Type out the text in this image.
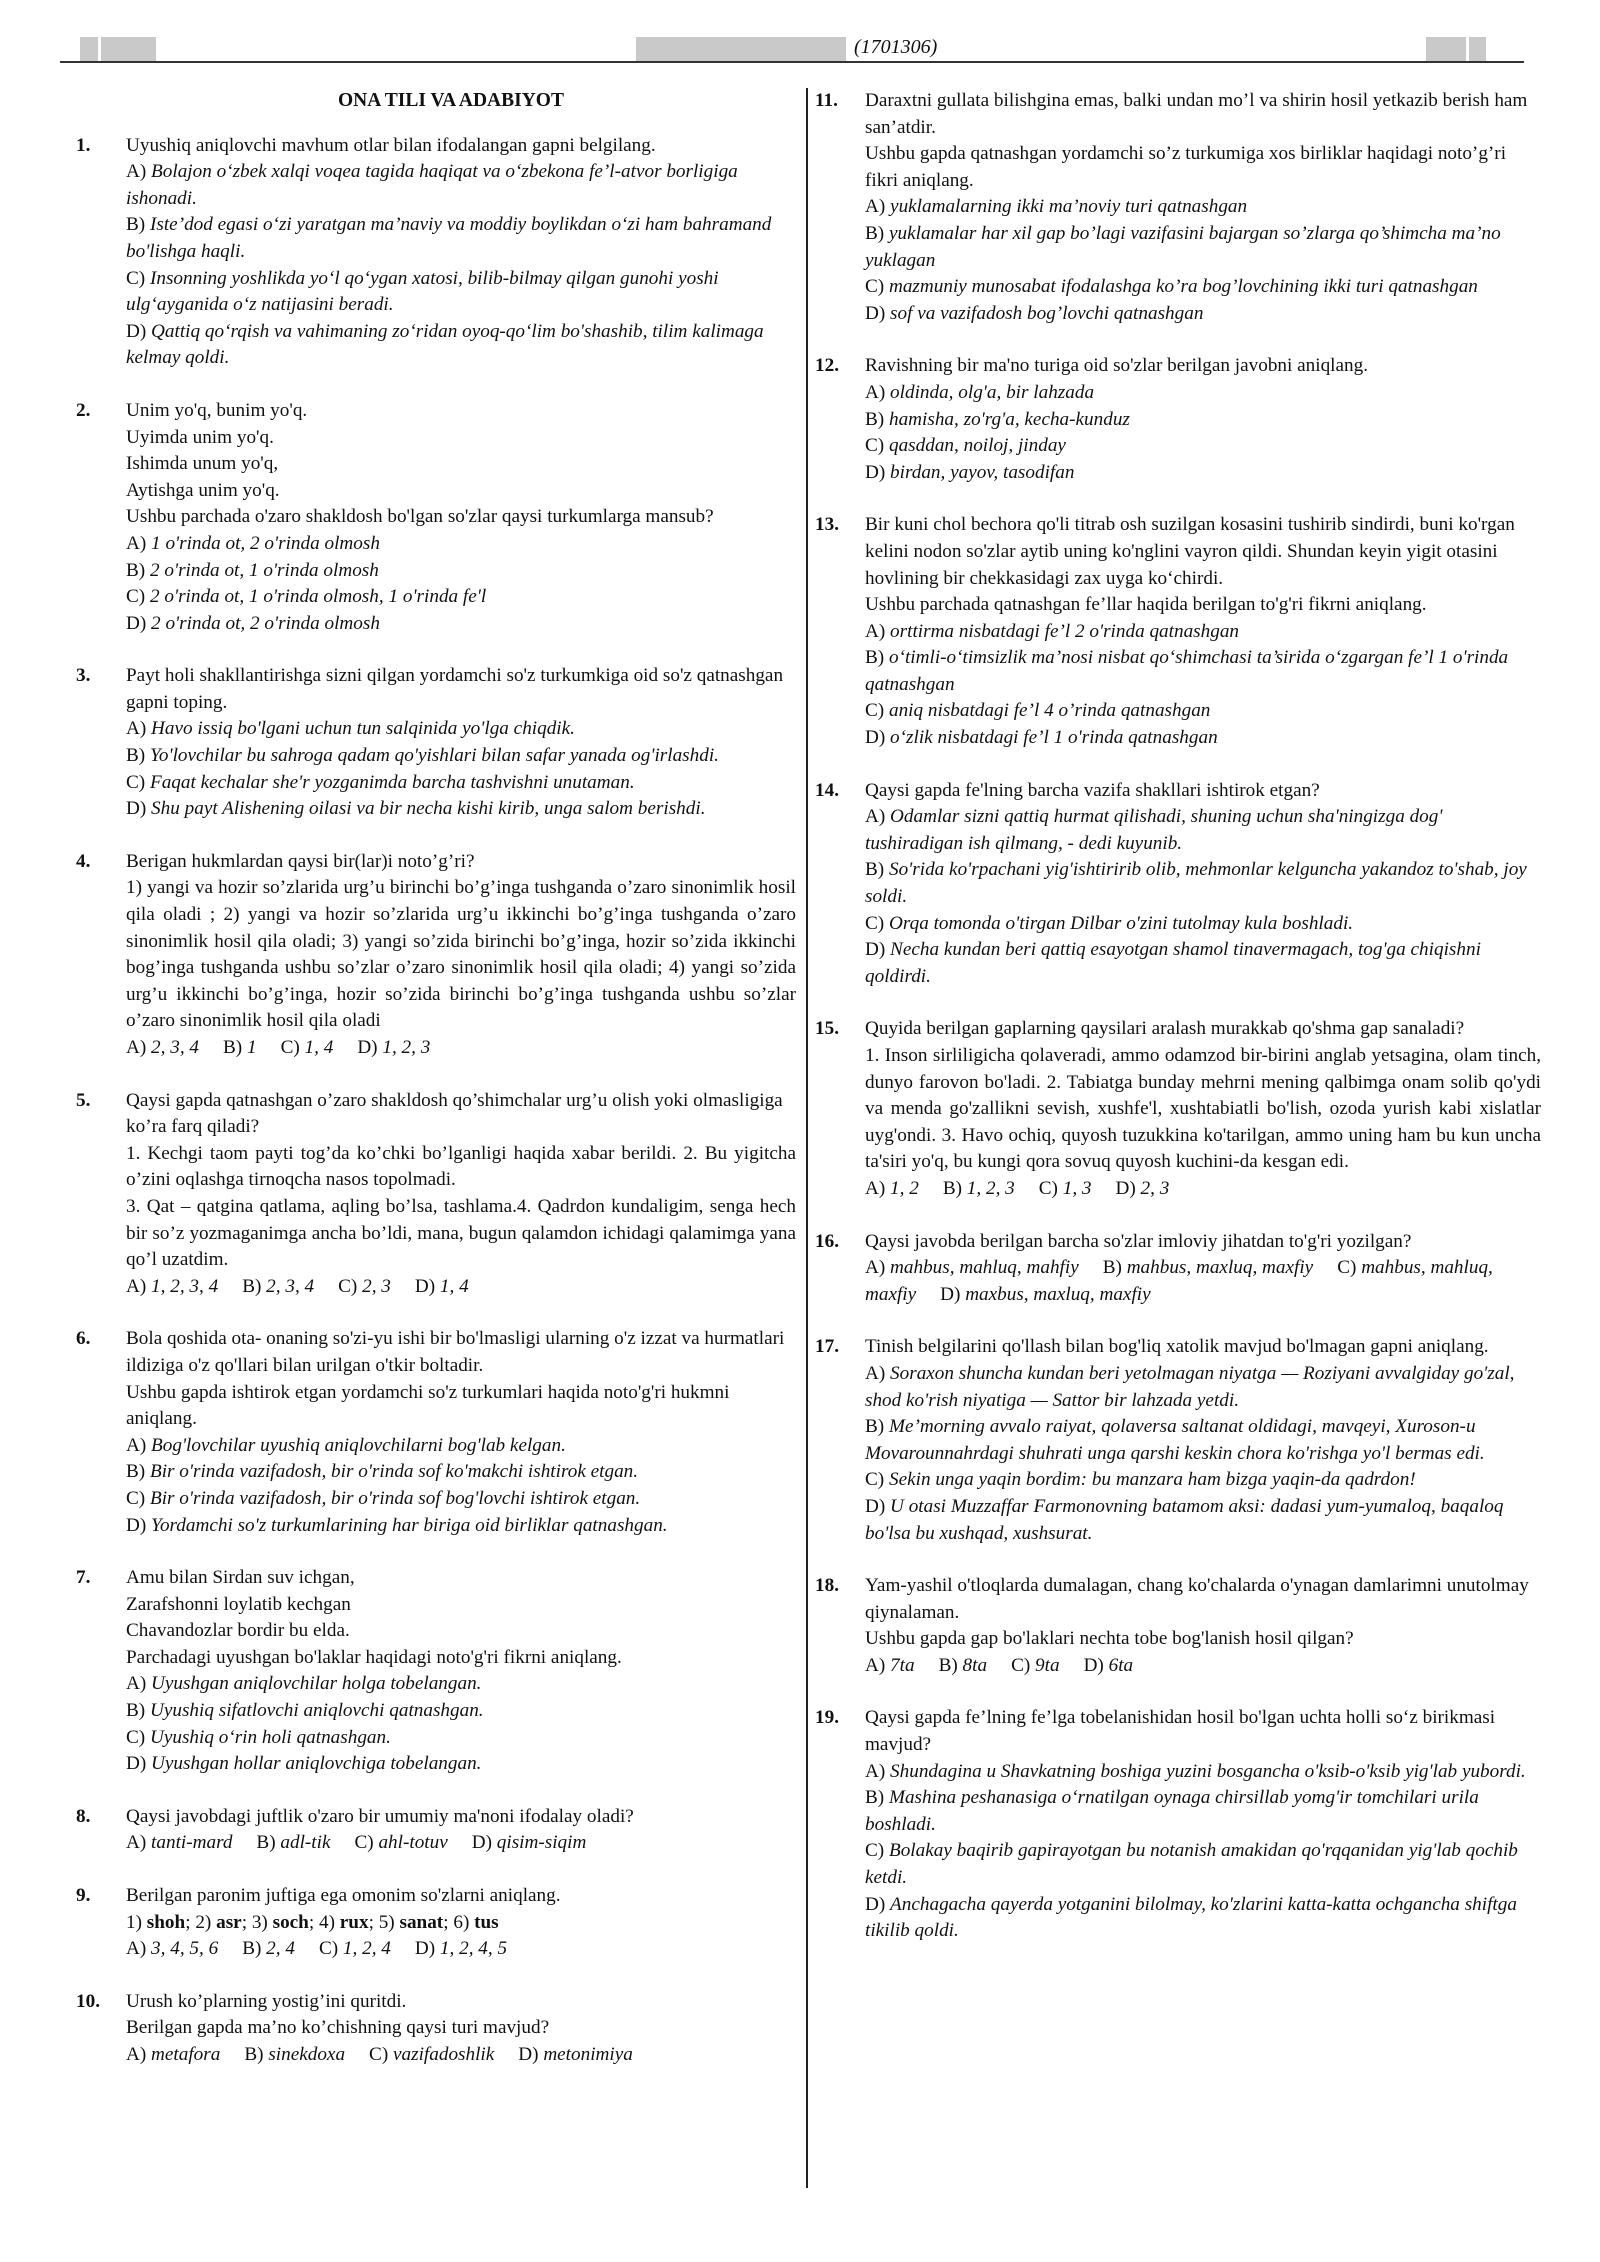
(1701306)
ONA TILI VA ADABIYOT
1. Uyushiq aniqlovchi mavhum otlar bilan ifodalangan gapni belgilang.
A) Bolajon o‘zbek xalqi voqea tagida haqiqat va o‘zbekona fe’l-atvor borligiga ishonadi.
B) Iste’dod egasi o‘zi yaratgan ma’naviy va moddiy boylikdan o‘zi ham bahramand bo'lishga haqli.
C) Insonning yoshlikda yo‘l qo‘ygan xatosi, bilib-bilmay qilgan gunohi yoshi ulg‘ayganida o‘z natijasini beradi.
D) Qattiq qo‘rqish va vahimaning zo‘ridan oyoq-qo‘lim bo'shashib, tilim kalimaga kelmay qoldi.
2. Unim yo'q, bunim yo'q.
Uyimda unim yo'q.
Ishimda unum yo'q,
Aytishga unim yo'q.
Ushbu parchada o'zaro shakldosh bo'lgan so'zlar qaysi turkumlarga mansub?
A) 1 o'rinda ot, 2 o'rinda olmosh
B) 2 o'rinda ot, 1 o'rinda olmosh
C) 2 o'rinda ot, 1 o'rinda olmosh, 1 o'rinda fe'l
D) 2 o'rinda ot, 2 o'rinda olmosh
3. Payt holi shakllantirishga sizni qilgan yordamchi so'z turkumkiga oid so'z qatnashgan gapni toping.
A) Havo issiq bo'lgani uchun tun salqinida yo'lga chiqdik.
B) Yo'lovchilar bu sahroga qadam qo'yishlari bilan safar yanada og'irlashdi.
C) Faqat kechalar she'r yozganimda barcha tashvishni unutaman.
D) Shu payt Alishening oilasi va bir necha kishi kirib, unga salom berishdi.
4. Berigan hukmlardan qaysi bir(lar)i noto’g’ri?
1) yangi va hozir so’zlarida urg’u birinchi bo’g’inga tushganda o’zaro sinonimlik hosil qila oladi ; 2) yangi va hozir so’zlarida urg’u ikkinchi bo’g’inga tushganda o’zaro sinonimlik hosil qila oladi; 3) yangi so’zida birinchi bo’g’inga, hozir so’zida ikkinchi bog’inga tushganda ushbu so’zlar o’zaro sinonimlik hosil qila oladi; 4) yangi so’zida urg’u ikkinchi bo’g’inga, hozir so’zida birinchi bo’g’inga tushganda ushbu so’zlar o’zaro sinonimlik hosil qila oladi
A) 2, 3, 4  B) 1  C) 1, 4  D) 1, 2, 3
5. Qaysi gapda qatnashgan o’zaro shakldosh qo’shimchalar urg’u olish yoki olmasligiga ko’ra farq qiladi?
1. Kechgi taom payti tog’da ko’chki bo’lganligi haqida xabar berildi. 2. Bu yigitcha o’zini oqlashga tirnoqcha nasos topolmadi.
3. Qat – qatgina qatlama, aqling bo’lsa, tashlama.4. Qadrdon kundaligim, senga hech bir so’z yozmaganimga ancha bo’ldi, mana, bugun qalamdon ichidagi qalamimga yana qo’l uzatdim.
A) 1, 2, 3, 4  B) 2, 3, 4  C) 2, 3  D) 1, 4
6. Bola qoshida ota- onaning so'zi-yu ishi bir bo'lmasligi ularning o'z izzat va hurmatlari ildiziga o'z qo'llari bilan urilgan o'tkir boltadir.
Ushbu gapda ishtirok etgan yordamchi so'z turkumlari haqida noto'g'ri hukmni aniqlang.
A) Bog'lovchilar uyushiq aniqlovchilarni bog'lab kelgan.
B) Bir o'rinda vazifadosh, bir o'rinda sof ko'makchi ishtirok etgan.
C) Bir o'rinda vazifadosh, bir o'rinda sof bog'lovchi ishtirok etgan.
D) Yordamchi so'z turkumlarining har biriga oid birliklar qatnashgan.
7. Amu bilan Sirdan suv ichgan,
Zarafshonni loylatib kechgan
Chavandozlar bordir bu elda.
Parchadagi uyushgan bo'laklar haqidagi noto'g'ri fikrni aniqlang.
A) Uyushgan aniqlovchilar holga tobelangan.
B) Uyushiq sifatlovchi aniqlovchi qatnashgan.
C) Uyushiq o‘rin holi qatnashgan.
D) Uyushgan hollar aniqlovchiga tobelangan.
8. Qaysi javobdagi juftlik o'zaro bir umumiy ma'noni ifodalay oladi?
A) tanti-mard  B) adl-tik  C) ahl-totuv  D) qisim-siqim
9. Berilgan paronim juftiga ega omonim so'zlarni aniqlang.
1) shoh; 2) asr; 3) soch; 4) rux; 5) sanat; 6) tus
A) 3, 4, 5, 6  B) 2, 4  C) 1, 2, 4  D) 1, 2, 4, 5
10. Urush ko’plarning yostig’ini quritdi.
Berilgan gapda ma’no ko’chishning qaysi turi mavjud?
A) metafora  B) sinekdoxa  C) vazifadoshlik  D) metonimiya
11. Daraxtni gullata bilishgina emas, balki undan mo’l va shirin hosil yetkazib berish ham san’atdir.
Ushbu gapda qatnashgan yordamchi so’z turkumiga xos birliklar haqidagi noto’g’ri fikri aniqlang.
A) yuklamalarning ikki ma’noviy turi qatnashgan
B) yuklamalar har xil gap bo’lagi vazifasini bajargan so’zlarga qo’shimcha ma’no yuklagan
C) mazmuniy munosabat ifodalashga ko’ra bog’lovchining ikki turi qatnashgan
D) sof va vazifadosh bog’lovchi qatnashgan
12. Ravishning bir ma'no turiga oid so'zlar berilgan javobni aniqlang.
A) oldinda, olg'a, bir lahzada
B) hamisha, zo'rg'a, kecha-kunduz
C) qasddan, noiloj, jinday
D) birdan, yayov, tasodifan
13. Bir kuni chol bechora qo'li titrab osh suzilgan kosasini tushirib sindirdi, buni ko'rgan kelini nodon so'zlar aytib uning ko'nglini vayron qildi. Shundan keyin yigit otasini hovlining bir chekkasidagi zax uyga ko‘chirdi.
Ushbu parchada qatnashgan fe’llar haqida berilgan to'g'ri fikrni aniqlang.
A) orttirma nisbatdagi fe’l 2 o'rinda qatnashgan
B) o‘timli-o‘timsizlik ma’nosi nisbat qo‘shimchasi ta’sirida o‘zgargan fe’l 1 o'rinda qatnashgan
C) aniq nisbatdagi fe’l 4 o’rinda qatnashgan
D) o‘zlik nisbatdagi fe’l 1 o'rinda qatnashgan
14. Qaysi gapda fe'lning barcha vazifa shakllari ishtirok etgan?
A) Odamlar sizni qattiq hurmat qilishadi, shuning uchun sha'ningizga dog' tushiradigan ish qilmang, - dedi kuyunib.
B) So'rida ko'rpachani yig'ishtiririb olib, mehmonlar kelguncha yakandoz to'shab, joy soldi.
C) Orqa tomonda o'tirgan Dilbar o'zini tutolmay kula boshladi.
D) Necha kundan beri qattiq esayotgan shamol tinavermagach, tog'ga chiqishni qoldirdi.
15. Quyida berilgan gaplarning qaysilari aralash murakkab qo'shma gap sanaladi?
1. Inson sirliligicha qolaveradi, ammo odamzod bir-birini anglab yetsagina, olam tinch, dunyo farovon bo'ladi. 2. Tabiatga bunday mehrni mening qalbimga onam solib qo'ydi va menda go'zallikni sevish, xushfe'l, xushtabiatli bo'lish, ozoda yurish kabi xislatlar uyg'ondi. 3. Havo ochiq, quyosh tuzukkina ko'tarilgan, ammo uning ham bu kun uncha ta'siri yo'q, bu kungi qora sovuq quyosh kuchini-da kesgan edi.
A) 1, 2  B) 1, 2, 3  C) 1, 3  D) 2, 3
16. Qaysi javobda berilgan barcha so'zlar imloviy jihatdan to'g'ri yozilgan?
A) mahbus, mahluq, mahfiy  B) mahbus, maxluq, maxfiy  C) mahbus, mahluq, maxfiy  D) maxbus, maxluq, maxfiy
17. Tinish belgilarini qo'llash bilan bog'liq xatolik mavjud bo'lmagan gapni aniqlang.
A) Soraxon shuncha kundan beri yetolmagan niyatga — Roziyani avvalgiday go'zal, shod ko'rish niyatiga — Sattor bir lahzada yetdi.
B) Me’morning avvalo raiyat, qolaversa saltanat oldidagi, mavqeyi, Xuroson-u Movarounnahrdagi shuhrati unga qarshi keskin chora ko'rishga yo'l bermas edi.
C) Sekin unga yaqin bordim: bu manzara ham bizga yaqin-da qadrdon!
D) U otasi Muzzaffar Farmonovning batamom aksi: dadasi yum-yumaloq, baqaloq bo'lsa bu xushqad, xushsurat.
18. Yam-yashil o'tloqlarda dumalagan, chang ko'chalarda o'ynagan damlarimni unutolmay qiynalaman.
Ushbu gapda gap bo'laklari nechta tobe bog'lanish hosil qilgan?
A) 7ta  B) 8ta  C) 9ta  D) 6ta
19. Qaysi gapda fe’lning fe’lga tobelanishidan hosil bo'lgan uchta holli so‘z birikmasi mavjud?
A) Shundagina u Shavkatning boshiga yuzini bosgancha o'ksib-o'ksib yig'lab yubordi.
B) Mashina peshanasiga o‘rnatilgan oynaga chirsillab yomg'ir tomchilari urila boshladi.
C) Bolakay baqirib gapirayotgan bu notanish amakidan qo'rqqanidan yig'lab qochib ketdi.
D) Anchagacha qayerda yotganini bilolmay, ko'zlarini katta-katta ochgancha shiftga tikilib qoldi.
